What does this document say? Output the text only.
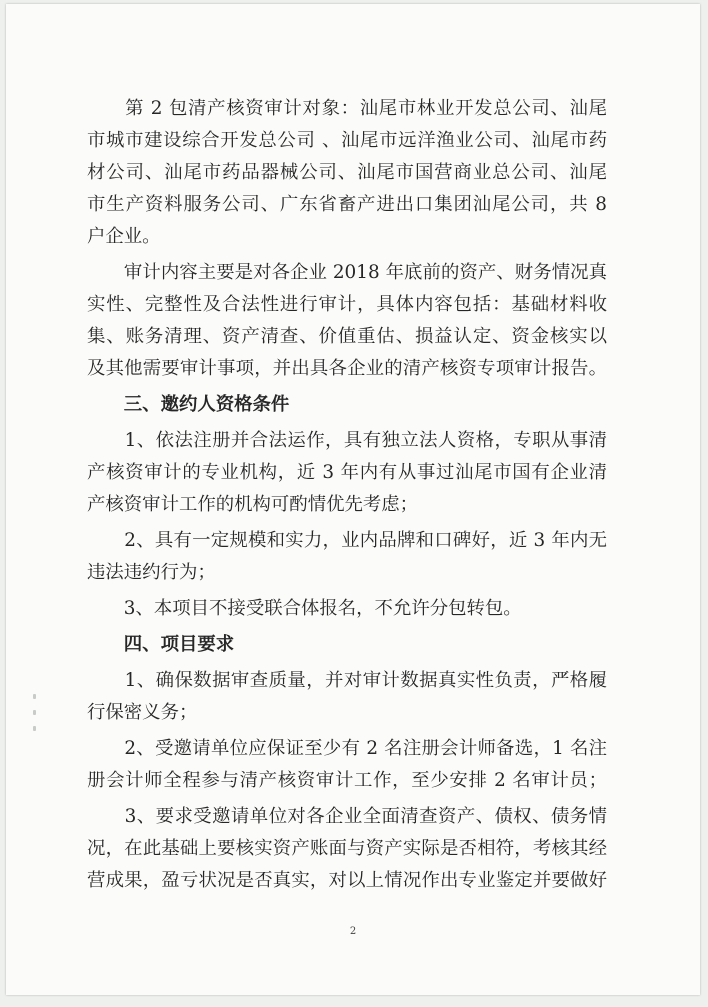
　　第 2 包清产核资审计对象：汕尾市林业开发总公司、汕尾
市城市建设综合开发总公司 、汕尾市远洋渔业公司、汕尾市药
材公司、汕尾市药品器械公司、汕尾市国营商业总公司、汕尾
市生产资料服务公司、广东省畜产进出口集团汕尾公司，共 8
户企业。
　　审计内容主要是对各企业 2018 年底前的资产、财务情况真
实性、完整性及合法性进行审计，具体内容包括：基础材料收
集、账务清理、资产清查、价值重估、损益认定、资金核实以
及其他需要审计事项，并出具各企业的清产核资专项审计报告。
　　三、邀约人资格条件
　　1、依法注册并合法运作，具有独立法人资格，专职从事清
产核资审计的专业机构，近 3 年内有从事过汕尾市国有企业清
产核资审计工作的机构可酌情优先考虑；
　　2、具有一定规模和实力，业内品牌和口碑好，近 3 年内无
违法违约行为；
　　3、本项目不接受联合体报名，不允许分包转包。
　　四、项目要求
　　1、确保数据审查质量，并对审计数据真实性负责，严格履
行保密义务；
　　2、受邀请单位应保证至少有 2 名注册会计师备选，1 名注
册会计师全程参与清产核资审计工作，至少安排 2 名审计员；
　　3、要求受邀请单位对各企业全面清查资产、债权、债务情
况，在此基础上要核实资产账面与资产实际是否相符，考核其经
营成果，盈亏状况是否真实，对以上情况作出专业鉴定并要做好
2
